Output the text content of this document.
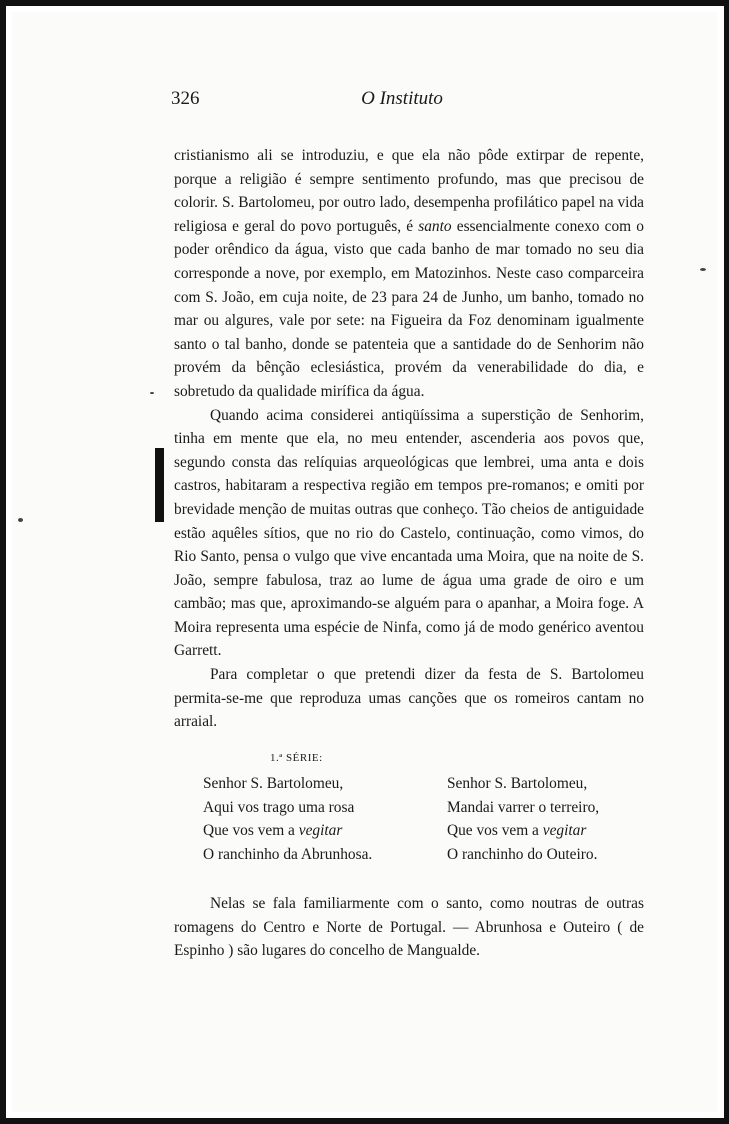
326	O Instituto

cristianismo ali se introduziu, e que ela não pôde extirpar de repente, porque a religião é sempre sentimento profundo, mas que precisou de colorir. S. Bartolomeu, por outro lado, desempenha profilático papel na vida religiosa e geral do povo português, é santo essencialmente conexo com o poder orêndico da água, visto que cada banho de mar tomado no seu dia corresponde a nove, por exemplo, em Matozinhos. Neste caso comparceira com S. João, em cuja noite, de 23 para 24 de Junho, um banho, tomado no mar ou algures, vale por sete: na Figueira da Foz denominam igualmente santo o tal banho, donde se patenteia que a santidade do de Senhorim não provém da bênção eclesiástica, provém da venerabilidade do dia, e sobretudo da qualidade mirífica da água.

Quando acima considerei antiqüíssima a superstição de Senhorim, tinha em mente que ela, no meu entender, ascenderia aos povos que, segundo consta das relíquias arqueológicas que lembrei, uma anta e dois castros, habitaram a respectiva região em tempos pre-romanos; e omiti por brevidade menção de muitas outras que conheço. Tão cheios de antiguidade estão aquêles sítios, que no rio do Castelo, continuação, como vimos, do Rio Santo, pensa o vulgo que vive encantada uma Moira, que na noite de S. João, sempre fabulosa, traz ao lume de água uma grade de oiro e um cambão; mas que, aproximando-se alguém para o apanhar, a Moira foge. A Moira representa uma espécie de Ninfa, como já de modo genérico aventou Garrett.

Para completar o que pretendi dizer da festa de S. Bartolomeu permita-se-me que reproduza umas canções que os romeiros cantam no arraial.

1.ª SÉRIE:
Senhor S. Bartolomeu,
Aqui vos trago uma rosa
Que vos vem a vegitar
O ranchinho da Abrunhosa.
Senhor S. Bartolomeu,
Mandai varrer o terreiro,
Que vos vem a vegitar
O ranchinho do Outeiro.

Nelas se fala familiarmente com o santo, como noutras de outras romagens do Centro e Norte de Portugal. — Abrunhosa e Outeiro ( de Espinho ) são lugares do concelho de Mangualde.
